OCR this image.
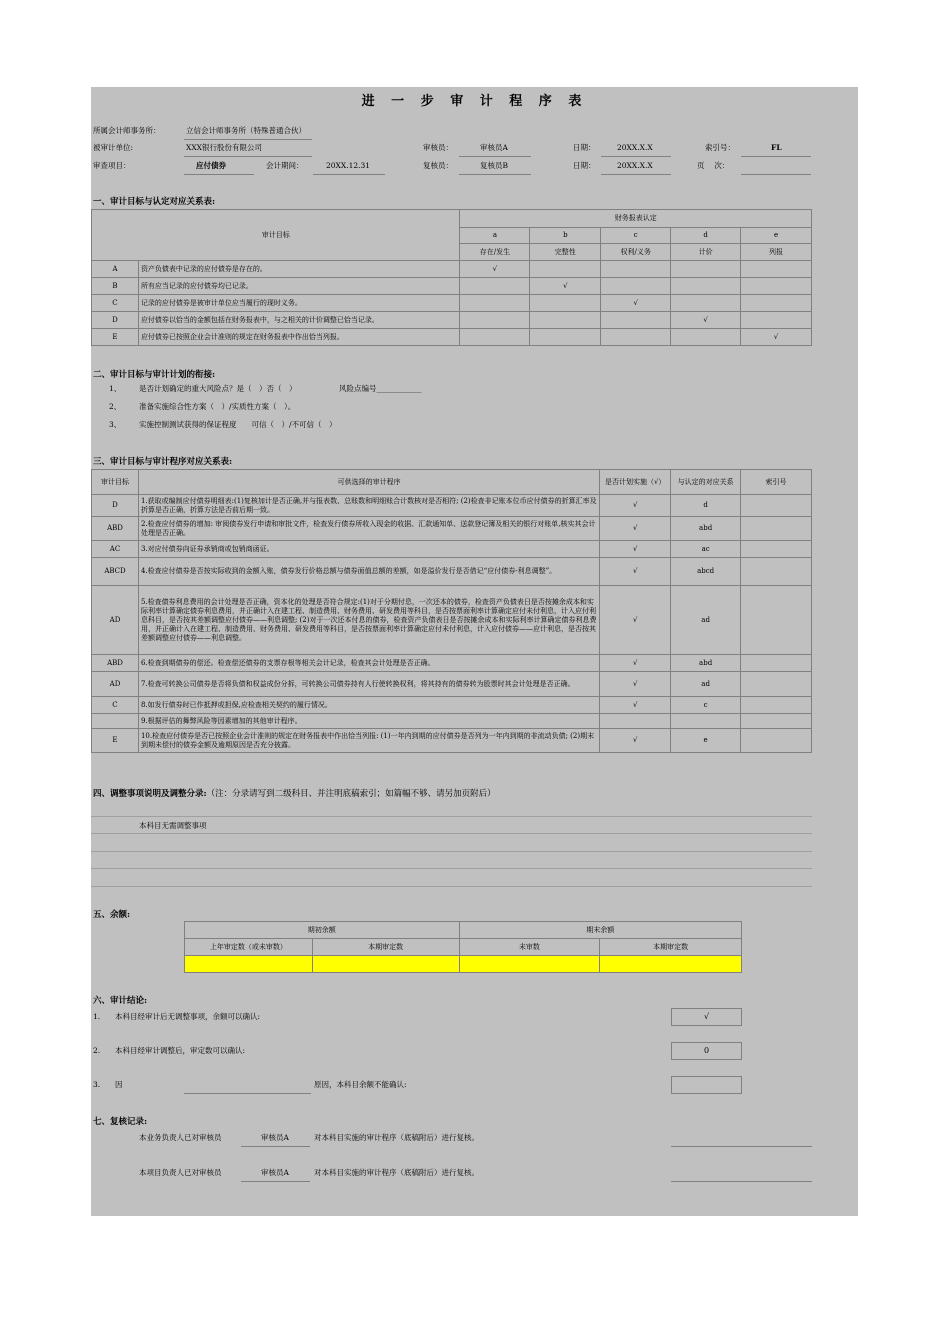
进 一 步 审 计 程 序 表
所属会计师事务所：	立信会计师事务所（特殊普通合伙）
被审计单位:	XXX银行股份有限公司	审核员：	审核员A	日期：	20XX.X.X	索引号：	FL
审查项目：	应付债券	会计期间：	20XX.12.31	复核员：	复核员B	日期：	20XX.X.X	页　 次：
一、审计目标与认定对应关系表:
审计目标		财务报表认定				
		a	b	c	d	e
		存在/发生	完整性	权利/义务	计价	列报
A	资产负债表中记录的应付债券是存在的。	√				
B	所有应当记录的应付债券均已记录。		√			
C	记录的应付债券是被审计单位应当履行的现时义务。			√		
D	应付债券以恰当的金额包括在财务报表中，与之相关的计价调整已恰当记录。				√	
E	应付债券已按照企业会计准则的规定在财务报表中作出恰当列报。					√
二、审计目标与审计计划的衔接:
1、 是否计划确定的重大风险点？是（　）否（　）	风险点编号____________
2、 准备实施综合性方案（　）/实质性方案（　）。
3、 实施控制测试获得的保证程度　　可信（　）/不可信（　）
三、审计目标与审计程序对应关系表:
审计目标	可供选择的审计程序	是否计划实施（√）	与认定的对应关系	索引号
D	1.获取或编制应付债券明细表:(1)复核加计是否正确,并与报表数、总账数和明细账合计数核对是否相符; (2)检查非记账本位币应付债券的折算汇率及折算是否正确，折算方法是否前后期一致。	√	d	
ABD	2.检查应付债券的增加: 审阅债券发行申请和审批文件，检查发行债券所收入现金的收据、汇款通知单、送款登记簿及相关的银行对账单,核实其会计处理是否正确。	√	abd	
AC	3.对应付债券向证券承销商或包销商函证。	√	ac	
ABCD	4.检查应付债券是否按实际收到的金额入账，债券发行价格总额与债券面值总额的差额，如是溢价发行是否借记“应付债券-利息调整”。	√	abcd	
AD	5.检查债券利息费用的会计处理是否正确，资本化的处理是否符合规定:(1)对于分期付息，一次还本的债券，检查资产负债表日是否按摊余成本和实际利率计算确定债券利息费用，并正确计入在建工程、制造费用、财务费用、研发费用等科目，是否按票面利率计算确定应付未付利息，计入应付利息科目，是否按其差额调整应付债券——利息调整; (2)对于一次还本付息的债券，检查资产负债表日是否按摊余成本和实际利率计算确定债券利息费用，并正确计入在建工程、制造费用、财务费用、研发费用等科目，是否按票面利率计算确定应付未付利息，计入应付债券——应计利息，是否按其差额调整应付债券——利息调整。	√	ad	
ABD	6.检查到期债券的偿还。检查偿还债券的支票存根等相关会计记录，检查其会计处理是否正确。	√	abd	
AD	7.检查可转换公司债券是否将负债和权益成份分拆，可转换公司债券持有人行使转换权利，将其持有的债券转为股票时其会计处理是否正确。	√	ad	
C	8.如发行债券时已作抵押或担保,应检查相关契约的履行情况。	√	c	
	9.根据评估的舞弊风险等因素增加的其他审计程序。			
E	10.检查应付债券是否已按照企业会计准则的规定在财务报表中作出恰当列报: (1)一年内到期的应付债券是否列为一年内到期的非流动负债; (2)期末到期未偿付的债券金额及逾期原因是否充分披露。	√	e	
四、调整事项说明及调整分录:（注：分录请写到二级科目、并注明底稿索引；如篇幅不够、请另加页附后）
本科目无需调整事项
五、余额:
期初余额		期末余额	
上年审定数（或未审数）	本期审定数	未审数	本期审定数

六、审计结论:
1. 本科目经审计后无调整事项，余额可以确认:	√
2. 本科目经审计调整后，审定数可以确认:	0
3. 因	原因，本科目余额不能确认:
七、复核记录:
本业务负责人已对审核员	审核员A	对本科目实施的审计程序（底稿附后）进行复核。
本项目负责人已对审核员	审核员A	对本科目实施的审计程序（底稿附后）进行复核。
